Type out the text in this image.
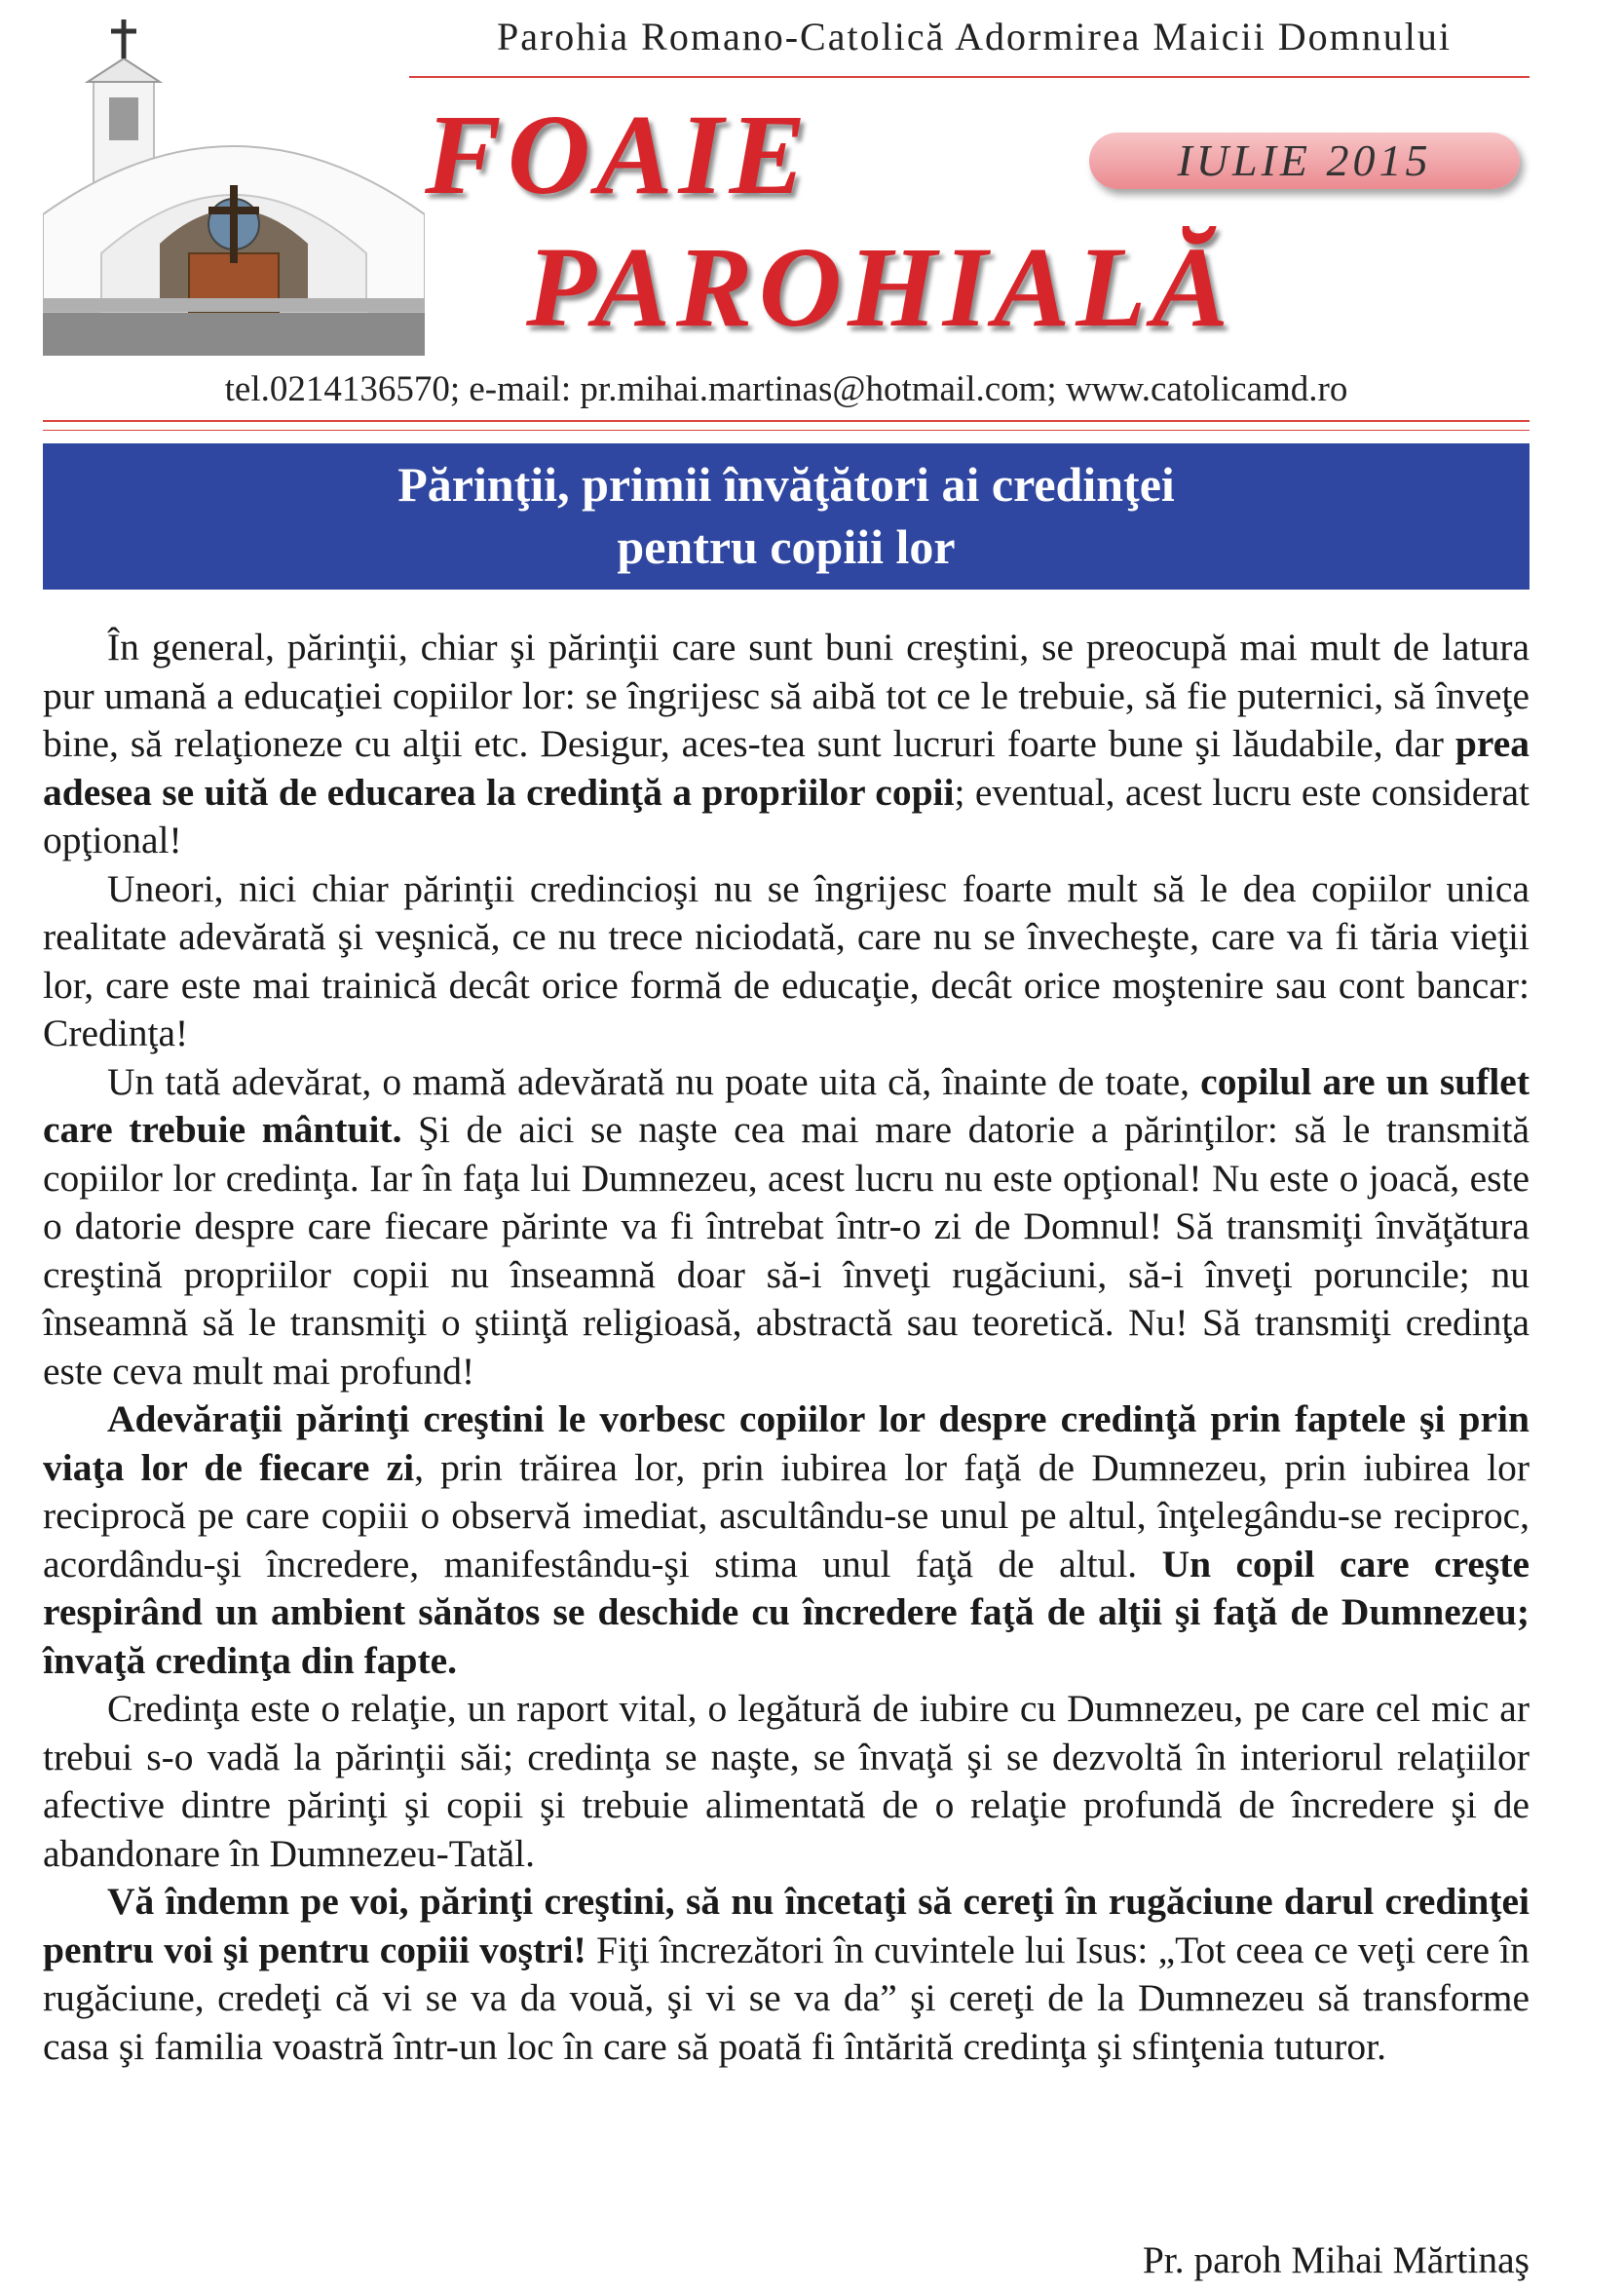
Parohia Romano-Catolică Adormirea Maicii Domnului
FOAIE
PAROHIALĂ
IULIE 2015
tel.0214136570; e-mail: pr.mihai.martinas@hotmail.com; www.catolicamd.ro
Părinţii, primii învăţători ai credinţei
pentru copiii lor

În general, părinţii, chiar şi părinţii care sunt buni creştini, se preocupă mai mult de latura pur umană a educaţiei copiilor lor: se îngrijesc să aibă tot ce le trebuie, să fie puternici, să înveţe bine, să relaţioneze cu alţii etc. Desigur, aces-tea sunt lucruri foarte bune şi lăudabile, dar prea adesea se uită de educarea la credinţă a propriilor copii; eventual, acest lucru este considerat opţional!

Uneori, nici chiar părinţii credincioşi nu se îngrijesc foarte mult să le dea copiilor unica realitate adevărată şi veşnică, ce nu trece niciodată, care nu se învecheşte, care va fi tăria vieţii lor, care este mai trainică decât orice formă de educaţie, decât orice moştenire sau cont bancar: Credinţa!

Un tată adevărat, o mamă adevărată nu poate uita că, înainte de toate, copilul are un suflet care trebuie mântuit. Şi de aici se naşte cea mai mare datorie a părinţilor: să le transmită copiilor lor credinţa. Iar în faţa lui Dumnezeu, acest lucru nu este opţional! Nu este o joacă, este o datorie despre care fiecare părinte va fi întrebat într-o zi de Domnul! Să transmiţi învăţătura creştină propriilor copii nu înseamnă doar să-i înveţi rugăciuni, să-i înveţi poruncile; nu înseamnă să le transmiţi o ştiinţă religioasă, abstractă sau teoretică. Nu! Să transmiţi credinţa este ceva mult mai profund!

Adevăraţii părinţi creştini le vorbesc copiilor lor despre credinţă prin faptele şi prin viaţa lor de fiecare zi, prin trăirea lor, prin iubirea lor faţă de Dumnezeu, prin iubirea lor reciprocă pe care copiii o observă imediat, ascultându-se unul pe altul, înţelegându-se reciproc, acordându-şi încredere, manifestându-şi stima unul faţă de altul. Un copil care creşte respirând un ambient sănătos se deschide cu încredere faţă de alţii şi faţă de Dumnezeu; învaţă credinţa din fapte.

Credinţa este o relaţie, un raport vital, o legătură de iubire cu Dumnezeu, pe care cel mic ar trebui s-o vadă la părinţii săi; credinţa se naşte, se învaţă şi se dezvoltă în interiorul relaţiilor afective dintre părinţi şi copii şi trebuie alimentată de o relaţie profundă de încredere şi de abandonare în Dumnezeu-Tatăl.

Vă îndemn pe voi, părinţi creştini, să nu încetaţi să cereţi în rugăciune darul credinţei pentru voi şi pentru copiii voştri! Fiţi încrezători în cuvintele lui Isus: „Tot ceea ce veţi cere în rugăciune, credeţi că vi se va da vouă, şi vi se va da” şi cereţi de la Dumnezeu să transforme casa şi familia voastră într-un loc în care să poată fi întărită credinţa şi sfinţenia tuturor.

Pr. paroh Mihai Mărtinaş
